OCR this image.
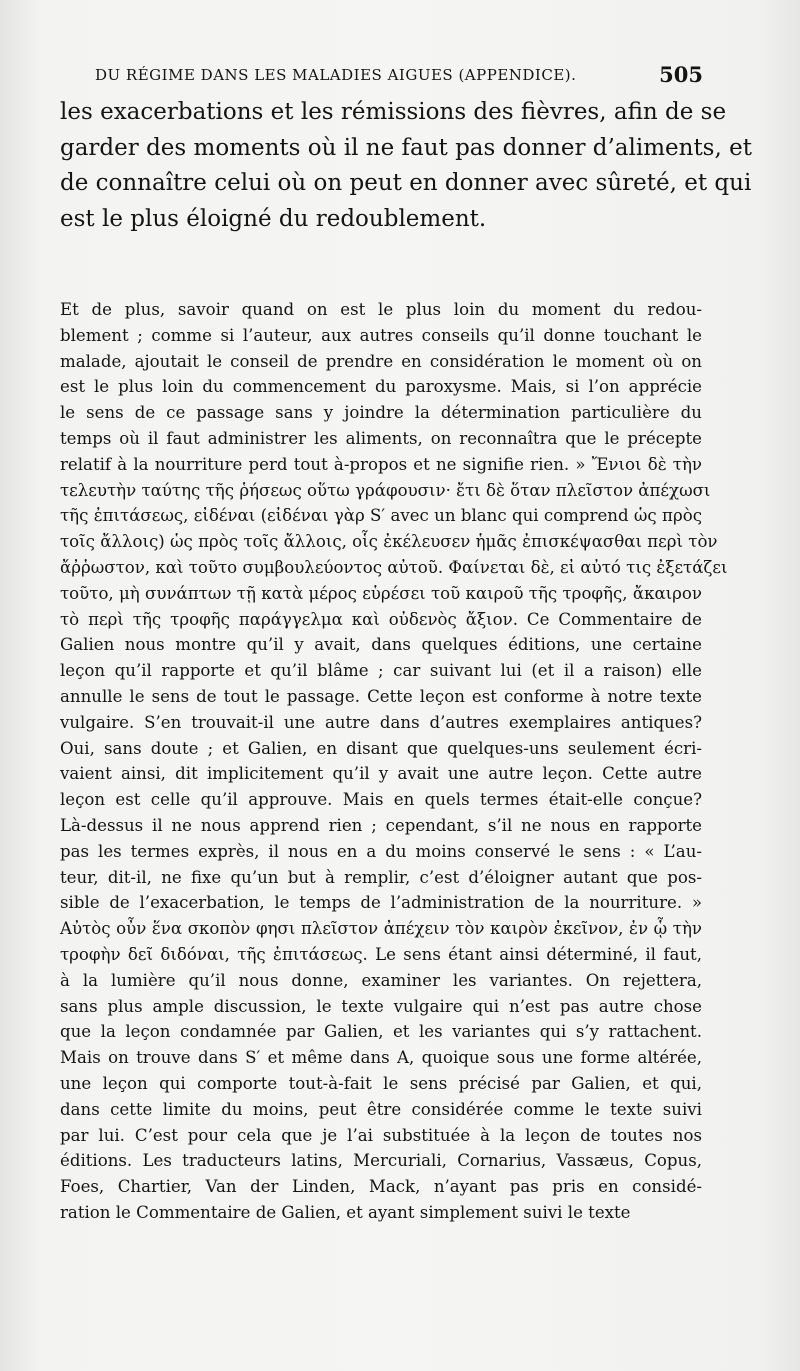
DU RÉGIME DANS LES MALADIES AIGUES (APPENDICE).	505
les exacerbations et les rémissions des fièvres, afin de se
garder des moments où il ne faut pas donner d’aliments, et
de connaître celui où on peut en donner avec sûreté, et qui
est le plus éloigné du redoublement.
Et de plus, savoir quand on est le plus loin du moment du redou-
blement ; comme si l’auteur, aux autres conseils qu’il donne touchant le
malade, ajoutait le conseil de prendre en considération le moment où on
est le plus loin du commencement du paroxysme. Mais, si l’on apprécie
le sens de ce passage sans y joindre la détermination particulière du
temps où il faut administrer les aliments, on reconnaîtra que le précepte
relatif à la nourriture perd tout à-propos et ne signifie rien. » Ἔνιοι δὲ τὴν
τελευτὴν ταύτης τῆς ῥήσεως οὕτω γράφουσιν· ἔτι δὲ ὅταν πλεῖστον ἀπέχωσι
τῆς ἐπιτάσεως, εἰδέναι (εἰδέναι γὰρ S′ avec un blanc qui comprend ὡς πρὸς
τοῖς ἄλλοις) ὡς πρὸς τοῖς ἄλλοις, οἷς ἐκέλευσεν ἡμᾶς ἐπισκέψασθαι περὶ τὸν
ἄῤῥωστον, καὶ τοῦτο συμβουλεύοντος αὐτοῦ. Φαίνεται δὲ, εἰ αὐτό τις ἐξετάζει
τοῦτο, μὴ συνάπτων τῇ κατὰ μέρος εὑρέσει τοῦ καιροῦ τῆς τροφῆς, ἄκαιρον
τὸ περὶ τῆς τροφῆς παράγγελμα καὶ οὐδενὸς ἄξιον. Ce Commentaire de
Galien nous montre qu’il y avait, dans quelques éditions, une certaine
leçon qu’il rapporte et qu’il blâme ; car suivant lui (et il a raison) elle
annulle le sens de tout le passage. Cette leçon est conforme à notre texte
vulgaire. S’en trouvait-il une autre dans d’autres exemplaires antiques?
Oui, sans doute ; et Galien, en disant que quelques-uns seulement écri-
vaient ainsi, dit implicitement qu’il y avait une autre leçon. Cette autre
leçon est celle qu’il approuve. Mais en quels termes était-elle conçue?
Là-dessus il ne nous apprend rien ; cependant, s’il ne nous en rapporte
pas les termes exprès, il nous en a du moins conservé le sens : « L’au-
teur, dit-il, ne fixe qu’un but à remplir, c’est d’éloigner autant que pos-
sible de l’exacerbation, le temps de l’administration de la nourriture. »
Αὐτὸς οὖν ἕνα σκοπὸν φησι πλεῖστον ἀπέχειν τὸν καιρὸν ἐκεῖνον, ἐν ᾧ τὴν
τροφὴν δεῖ διδόναι, τῆς ἐπιτάσεως. Le sens étant ainsi déterminé, il faut,
à la lumière qu’il nous donne, examiner les variantes. On rejettera,
sans plus ample discussion, le texte vulgaire qui n’est pas autre chose
que la leçon condamnée par Galien, et les variantes qui s’y rattachent.
Mais on trouve dans S′ et même dans A, quoique sous une forme altérée,
une leçon qui comporte tout-à-fait le sens précisé par Galien, et qui,
dans cette limite du moins, peut être considérée comme le texte suivi
par lui. C’est pour cela que je l’ai substituée à la leçon de toutes nos
éditions. Les traducteurs latins, Mercuriali, Cornarius, Vassæus, Copus,
Foes, Chartier, Van der Linden, Mack, n’ayant pas pris en considé-
ration le Commentaire de Galien, et ayant simplement suivi le texte
